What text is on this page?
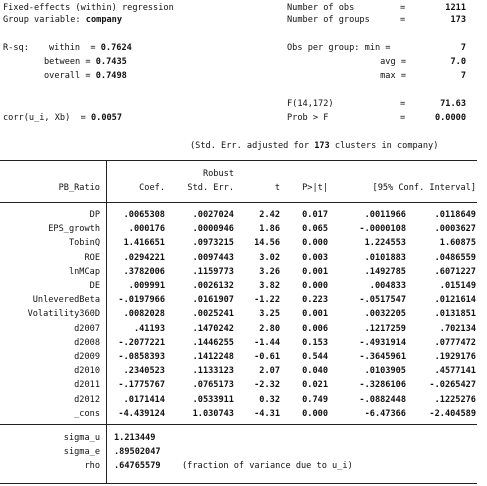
Fixed-effects (within) regression
Group variable: company
Number of obs	=	1211
Number of groups	=	173
R-sq: within  = 0.7624
between = 0.7435
overall = 0.7498
Obs per group: min =	7
avg =	7.0
max =	7
F(14,172)	=	71.63
corr(u_i, Xb)  = 0.0057	Prob > F	=	0.0000
(Std. Err. adjusted for 173 clusters in company)
Robust
PB_Ratio	Coef.	Std. Err.	t	P>|t|	[95% Conf. Interval]
DP	.0065308	.0027024	2.42	0.017	.0011966	.0118649
EPS_growth	.000176	.0000946	1.86	0.065	-.0000108	.0003627
TobinQ	1.416651	.0973215	14.56	0.000	1.224553	1.60875
ROE	.0294221	.0097443	3.02	0.003	.0101883	.0486559
lnMCap	.3782006	.1159773	3.26	0.001	.1492785	.6071227
DE	.009991	.0026132	3.82	0.000	.004833	.015149
UnleveredBeta	-.0197966	.0161907	-1.22	0.223	-.0517547	.0121614
Volatility360D	.0082028	.0025241	3.25	0.001	.0032205	.0131851
d2007	.41193	.1470242	2.80	0.006	.1217259	.702134
d2008	-.2077221	.1446255	-1.44	0.153	-.4931914	.0777472
d2009	-.0858393	.1412248	-0.61	0.544	-.3645961	.1929176
d2010	.2340523	.1133123	2.07	0.040	.0103905	.4577141
d2011	-.1775767	.0765173	-2.32	0.021	-.3286106	-.0265427
d2012	.0171414	.0533911	0.32	0.749	-.0882448	.1225276
_cons	-4.439124	1.030743	-4.31	0.000	-6.47366	-2.404589
sigma_u 1.213449
sigma_e .89502047
rho .64765579	(fraction of variance due to u_i)
